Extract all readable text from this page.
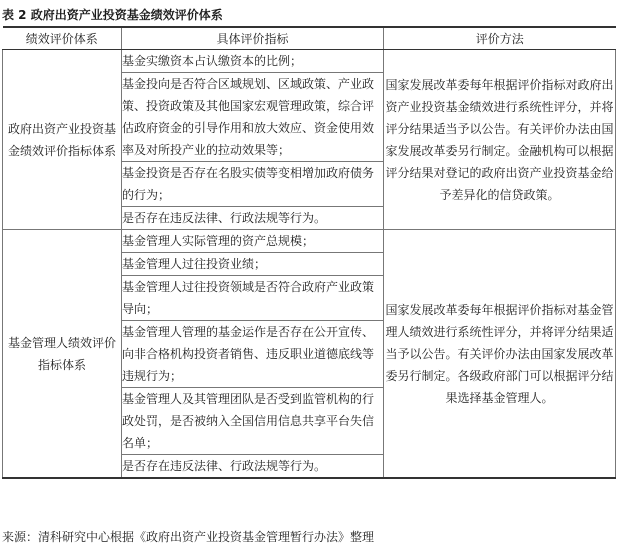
表 2 政府出资产业投资基金绩效评价体系
绩效评价体系	具体评价指标	评价方法
政府出资产业投资基金绩效评价指标体系	基金实缴资本占认缴资本的比例；	国家发展改革委每年根据评价指标对政府出资产业投资基金绩效进行系统性评分，并将评分结果适当予以公告。有关评价办法由国家发展改革委另行制定。金融机构可以根据评分结果对登记的政府出资产业投资基金给予差异化的信贷政策。
	基金投向是否符合区域规划、区域政策、产业政策、投资政策及其他国家宏观管理政策，综合评估政府资金的引导作用和放大效应、资金使用效率及对所投产业的拉动效果等；	
	基金投资是否存在名股实债等变相增加政府债务的行为；	
	是否存在违反法律、行政法规等行为。	
基金管理人绩效评价指标体系	基金管理人实际管理的资产总规模；	国家发展改革委每年根据评价指标对基金管理人绩效进行系统性评分，并将评分结果适当予以公告。有关评价办法由国家发展改革委另行制定。各级政府部门可以根据评分结果选择基金管理人。
	基金管理人过往投资业绩；	
	基金管理人过往投资领域是否符合政府产业政策导向；	
	基金管理人管理的基金运作是否存在公开宣传、向非合格机构投资者销售、违反职业道德底线等违规行为；	
	基金管理人及其管理团队是否受到监管机构的行政处罚，是否被纳入全国信用信息共享平台失信名单；	
	是否存在违反法律、行政法规等行为。	
来源：清科研究中心根据《政府出资产业投资基金管理暂行办法》整理
